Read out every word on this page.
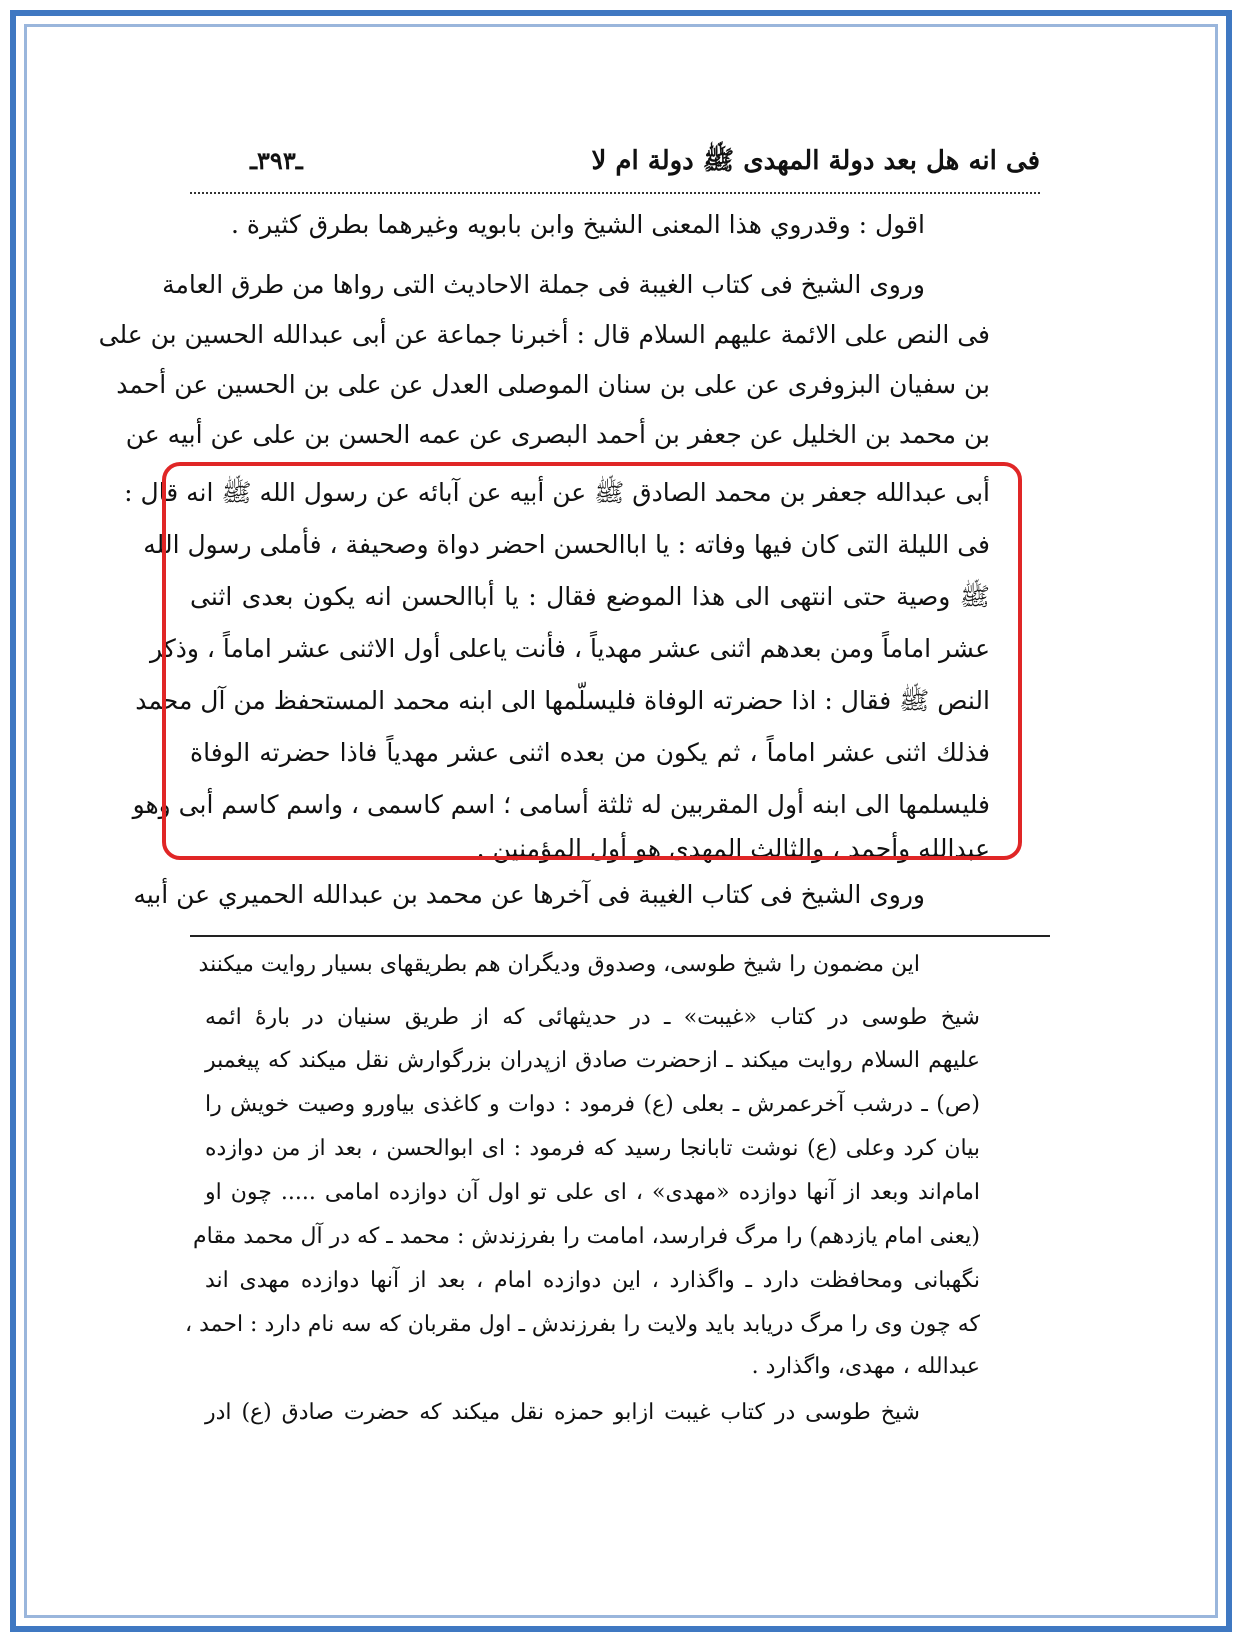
فی انه هل بعد دولة المهدی ﷺ دولة ام لا
ـ۳۹۳ـ
اقول : وقدروي هذا المعنى الشيخ وابن بابويه وغيرهما بطرق كثيرة .
وروى الشيخ فی كتاب الغيبة فی جملة الاحاديث التی رواها من طرق العامة
فی النص على الائمة عليهم السلام قال : أخبرنا جماعة عن أبی عبدالله الحسين بن علی
بن سفيان البزوفری عن علی بن سنان الموصلی العدل عن علی بن الحسين عن أحمد
بن محمد بن الخليل عن جعفر بن أحمد البصری عن عمه الحسن بن علی عن أبيه عن
أبی عبدالله جعفر بن محمد الصادق ﷺ عن أبيه عن آبائه عن رسول الله ﷺ انه قال :
فی الليلة التی كان فيها وفاته : يا اباالحسن احضر دواة وصحيفة ، فأملی رسول الله
ﷺ وصية حتى انتهى الى هذا الموضع فقال : يا أباالحسن انه يكون بعدی اثنی
عشر اماماً ومن بعدهم اثنی عشر مهدياً ، فأنت ياعلی أول الاثنی عشر اماماً ، وذكر
النص ﷺ فقال : اذا حضرته الوفاة فليسلّمها الى ابنه محمد المستحفظ من آل محمد
فذلك اثنی عشر اماماً ، ثم يكون من بعده اثنی عشر مهدياً فاذا حضرته الوفاة
فليسلمها الى ابنه أول المقربين له ثلثة أسامی ؛ اسم كاسمی ، واسم كاسم أبی وهو
عبدالله وأحمد ، والثالث المهدی هو أول المؤمنين .
وروى الشيخ فی كتاب الغيبة فی آخرها عن محمد بن عبدالله الحميري عن أبيه
این مضمون را شیخ طوسی، وصدوق ودیگران هم بطریقهای بسیار روایت میکنند
شیخ طوسی در کتاب «غیبت» ـ در حدیثهائی که از طریق سنیان در بارهٔ ائمه
علیهم السلام روایت میکند ـ ازحضرت صادق ازپدران بزرگوارش نقل میکند که پیغمبر
(ص) ـ درشب آخرعمرش ـ بعلی (ع) فرمود : دوات و کاغذی بیاورو وصیت خویش را
بیان کرد وعلی (ع) نوشت تابانجا رسید که فرمود : ای ابوالحسن ، بعد از من دوازده
امام‌اند وبعد از آنها دوازده «مهدی» ، ای علی تو اول آن دوازده امامی ..... چون او
(یعنی امام یازدهم) را مرگ فرارسد، امامت را بفرزندش : محمد ـ که در آل محمد مقام
نگهبانی ومحافظت دارد ـ واگذارد ، این دوازده امام ، بعد از آنها دوازده مهدی اند
که چون وی را مرگ دریابد باید ولایت را بفرزندش ـ اول مقربان که سه نام دارد : احمد ،
عبدالله ، مهدی، واگذارد .
شیخ طوسی در کتاب غیبت ازابو حمزه نقل میکند که حضرت صادق (ع) ادر
